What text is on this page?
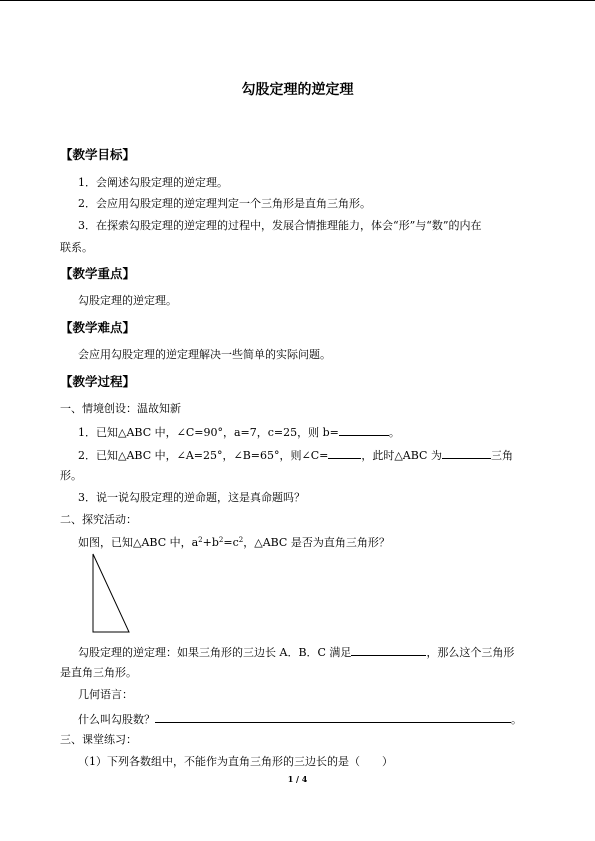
勾股定理的逆定理
【教学目标】
1．会阐述勾股定理的逆定理。
2．会应用勾股定理的逆定理判定一个三角形是直角三角形。
3．在探索勾股定理的逆定理的过程中，发展合情推理能力，体会“形”与“数”的内在
联系。
【教学重点】
勾股定理的逆定理。
【教学难点】
会应用勾股定理的逆定理解决一些简单的实际问题。
【教学过程】
一、情境创设：温故知新
1．已知△ABC 中，∠C=90°，a=7，c=25，则 b=	。
2．已知△ABC 中，∠A=25°，∠B=65°，则∠C=	，此时△ABC 为	三角
形。
3．说一说勾股定理的逆命题，这是真命题吗？
二、探究活动：
如图，已知△ABC 中，$a^2+b^2=c^2$，△ABC 是否为直角三角形？
勾股定理的逆定理：如果三角形的三边长 A．B．C 满足	，那么这个三角形
是直角三角形。
几何语言：
什么叫勾股数？	。
三、课堂练习：
（1）下列各数组中，不能作为直角三角形的三边长的是（　　）
1 / 4
